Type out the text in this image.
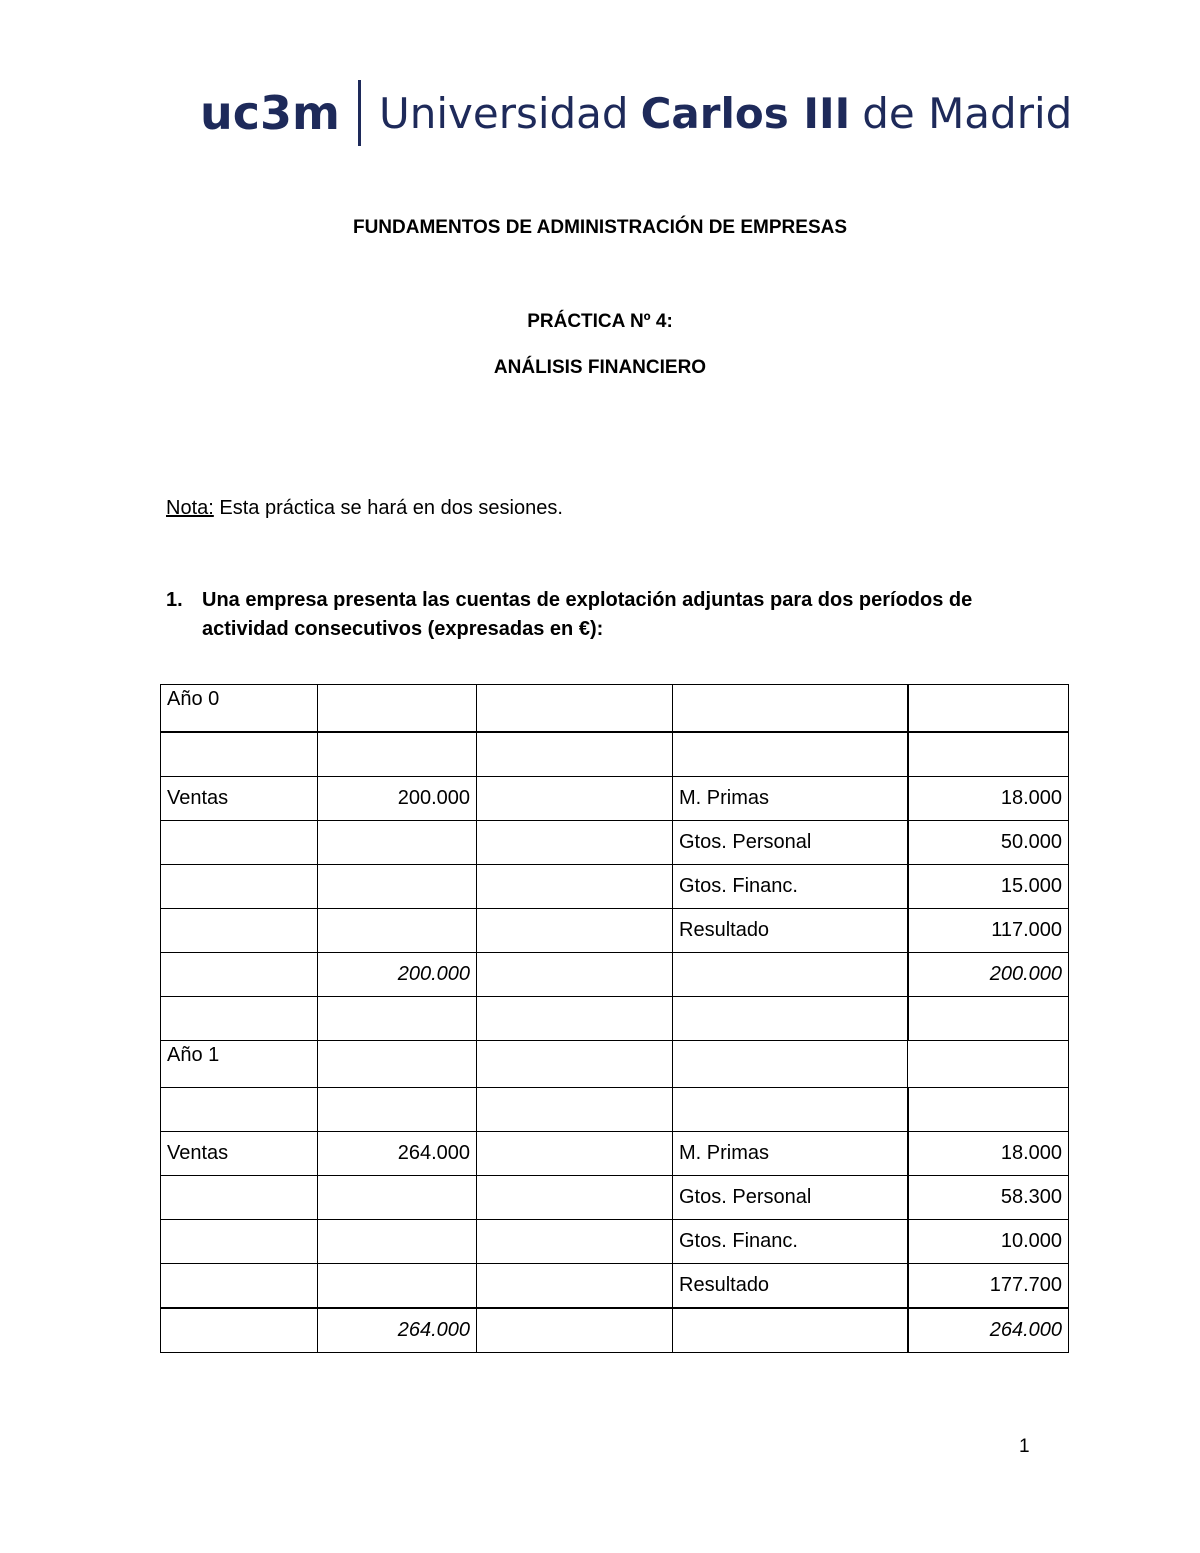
uc3m Universidad Carlos III de Madrid
FUNDAMENTOS DE ADMINISTRACIÓN DE EMPRESAS
PRÁCTICA Nº 4:
ANÁLISIS FINANCIERO
Nota: Esta práctica se hará en dos sesiones.
1. Una empresa presenta las cuentas de explotación adjuntas para dos períodos de actividad consecutivos (expresadas en €):
Año 0				

Ventas	200.000		M. Primas	18.000
			Gtos. Personal	50.000
			Gtos. Financ.	15.000
			Resultado	117.000
	200.000			200.000

Año 1				

Ventas	264.000		M. Primas	18.000
			Gtos. Personal	58.300
			Gtos. Financ.	10.000
			Resultado	177.700
	264.000			264.000
1
